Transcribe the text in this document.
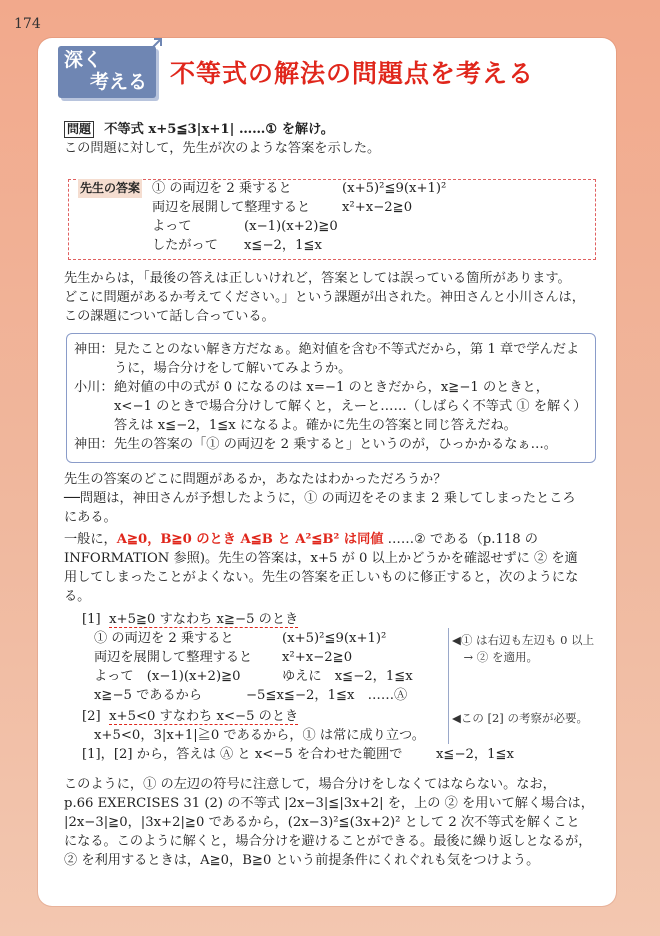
174
深く
考える 不等式の解法の問題点を考える
問題 不等式 x+5≦3|x+1| ……① を解け。
この問題に対して，先生が次のような答案を示した。
先生の答案 ① の両辺を 2 乗すると	(x+5)²≦9(x+1)²
両辺を展開して整理すると x²+x−2≧0
よって	(x−1)(x+2)≧0
したがって x≦−2，1≦x
先生からは，「最後の答えは正しいけれど，答案としては誤っている箇所があります。
どこに問題があるか考えてください。」という課題が出された。神田さんと小川さんは，
この課題について話し合っている。
神田： 見たことのない解き方だなぁ。絶対値を含む不等式だから，第 1 章で学んだよ
うに，場合分けをして解いてみようか。
小川： 絶対値の中の式が 0 になるのは x=−1 のときだから，x≧−1 のときと，
x<−1 のときで場合分けして解くと，えーと……（しばらく不等式 ① を解く）
答えは x≦−2，1≦x になるよ。確かに先生の答案と同じ答えだね。
神田： 先生の答案の「① の両辺を 2 乗すると」というのが，ひっかかるなぁ…。
先生の答案のどこに問題があるか，あなたはわかっただろうか？
──問題は，神田さんが予想したように，① の両辺をそのまま 2 乗してしまったところ
にある。
一般に，A≧0，B≧0 のとき A≦B と A²≦B² は同値 ……② である（p.118 の
INFORMATION 参照)。先生の答案は，x+5 が 0 以上かどうかを確認せずに ② を適
用してしまったことがよくない。先生の答案を正しいものに修正すると，次のようにな
る。
[1] x+5≧0 すなわち x≧−5 のとき
① の両辺を 2 乗すると	(x+5)²≦9(x+1)²
両辺を展開して整理すると x²+x−2≧0
よって　(x−1)(x+2)≧0	ゆえに　x≦−2，1≦x
x≧−5 であるから	−5≦x≦−2，1≦x　……Ⓐ
[2] x+5<0 すなわち x<−5 のとき
x+5<0，3|x+1|≧0 であるから，① は常に成り立つ。
[1]，[2] から，答えは Ⓐ と x<−5 を合わせた範囲で	x≦−2，1≦x
◀① は右辺も左辺も 0 以上
　→ ② を適用。
◀この [2] の考察が必要。
このように，① の左辺の符号に注意して，場合分けをしなくてはならない。なお，
p.66 EXERCISES 31 (2) の不等式 |2x−3|≦|3x+2| を，上の ② を用いて解く場合は，
|2x−3|≧0，|3x+2|≧0 であるから，(2x−3)²≦(3x+2)² として 2 次不等式を解くこと
になる。このように解くと，場合分けを避けることができる。最後に繰り返しとなるが，
② を利用するときは，A≧0，B≧0 という前提条件にくれぐれも気をつけよう。
